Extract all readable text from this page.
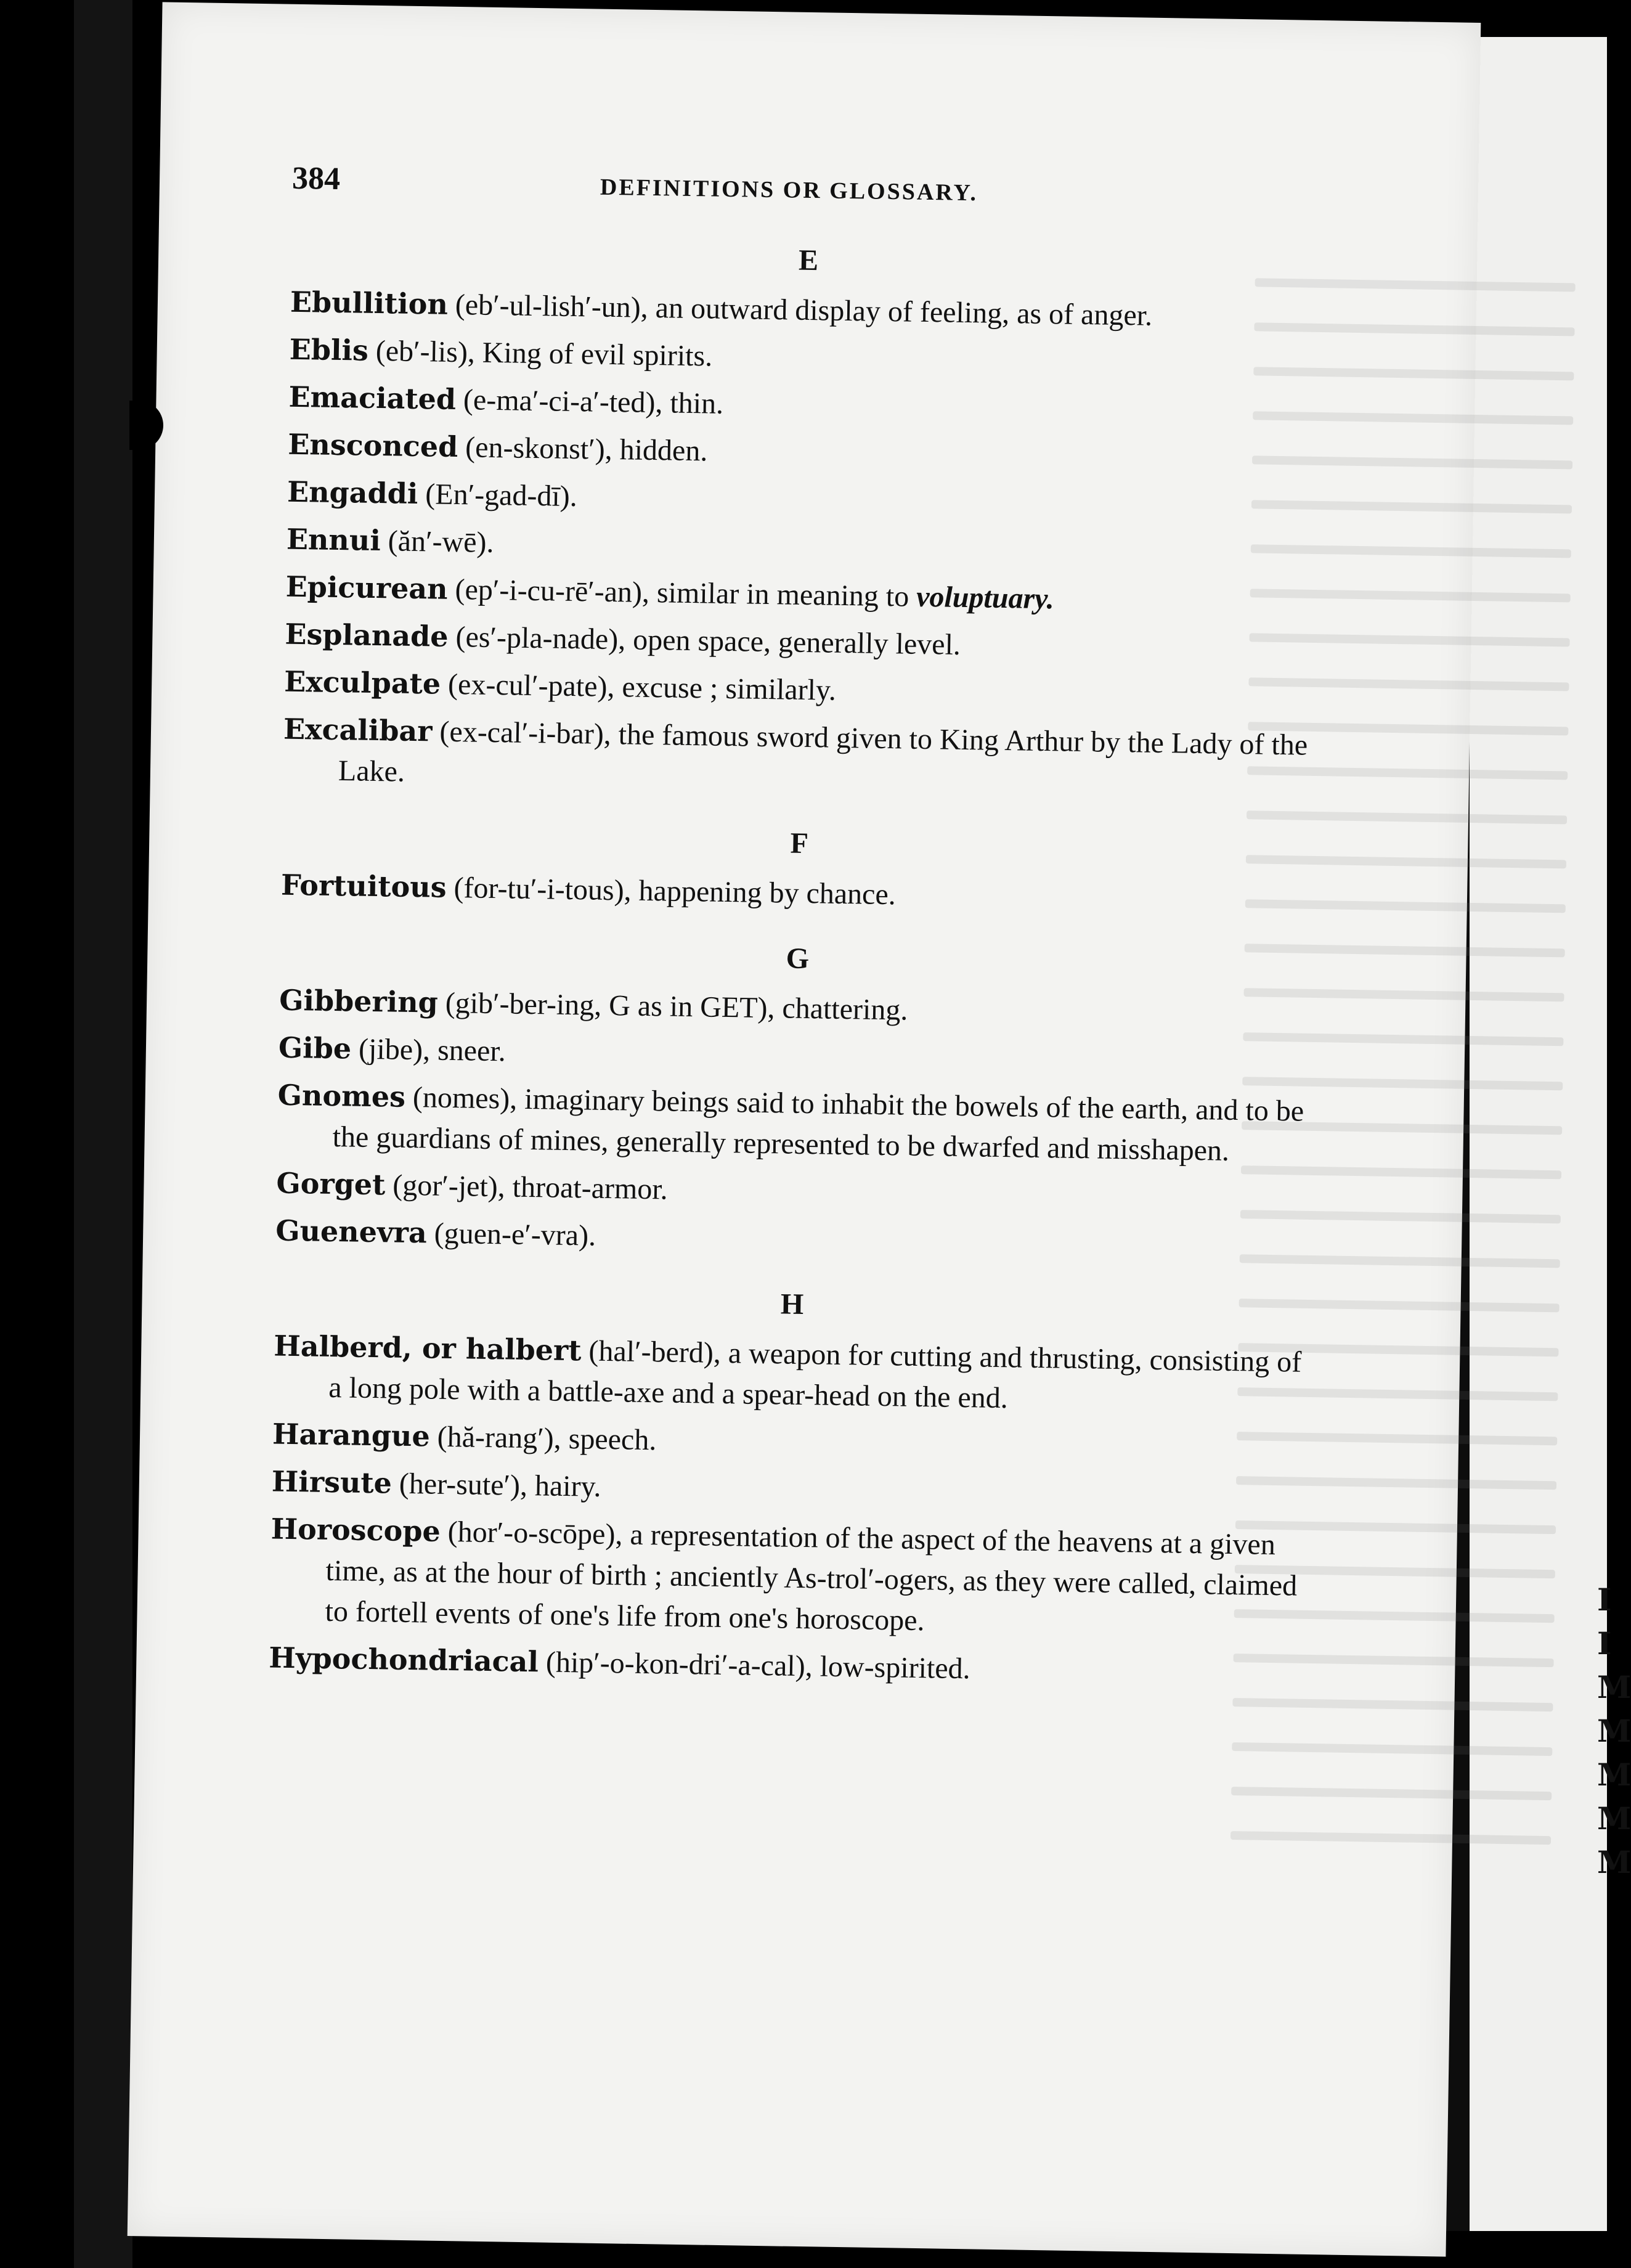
384	DEFINITIONS OR GLOSSARY.
E

Ebullition (eb′-ul-lish′-un), an outward display of feeling, as of anger.

Eblis (eb′-lis), King of evil spirits.

Emaciated (e-ma′-ci-a′-ted), thin.

Ensconced (en-skonst′), hidden.

Engaddi (En′-gad-dī).

Ennui (ăn′-wē).

Epicurean (ep′-i-cu-rē′-an), similar in meaning to voluptuary.

Esplanade (es′-pla-nade), open space, generally level.

Exculpate (ex-cul′-pate), excuse ; similarly.

Excalibar (ex-cal′-i-bar), the famous sword given to King Arthur by the Lady of the Lake.

F

Fortuitous (for-tu′-i-tous), happening by chance.

G

Gibbering (gib′-ber-ing, G as in GET), chattering.

Gibe (jibe), sneer.

Gnomes (nomes), imaginary beings said to inhabit the bowels of the earth, and to be the guardians of mines, generally represented to be dwarfed and misshapen.

Gorget (gor′-jet), throat-armor.

Guenevra (guen-e′-vra).

H

Halberd, or halbert (hal′-berd), a weapon for cutting and thrusting, consisting of a long pole with a battle-axe and a spear-head on the end.

Harangue (hă-rang′), speech.

Hirsute (her-sute′), hairy.

Horoscope (hor′-o-scōpe), a representation of the aspect of the heavens at a given time, as at the hour of birth ; anciently As-trol′-ogers, as they were called, claimed to fortell events of one's life from one's horoscope.

Hypochondriacal (hip′-o-kon-dri′-a-cal), low-spirited.

I
I
M
M
M
M
M
